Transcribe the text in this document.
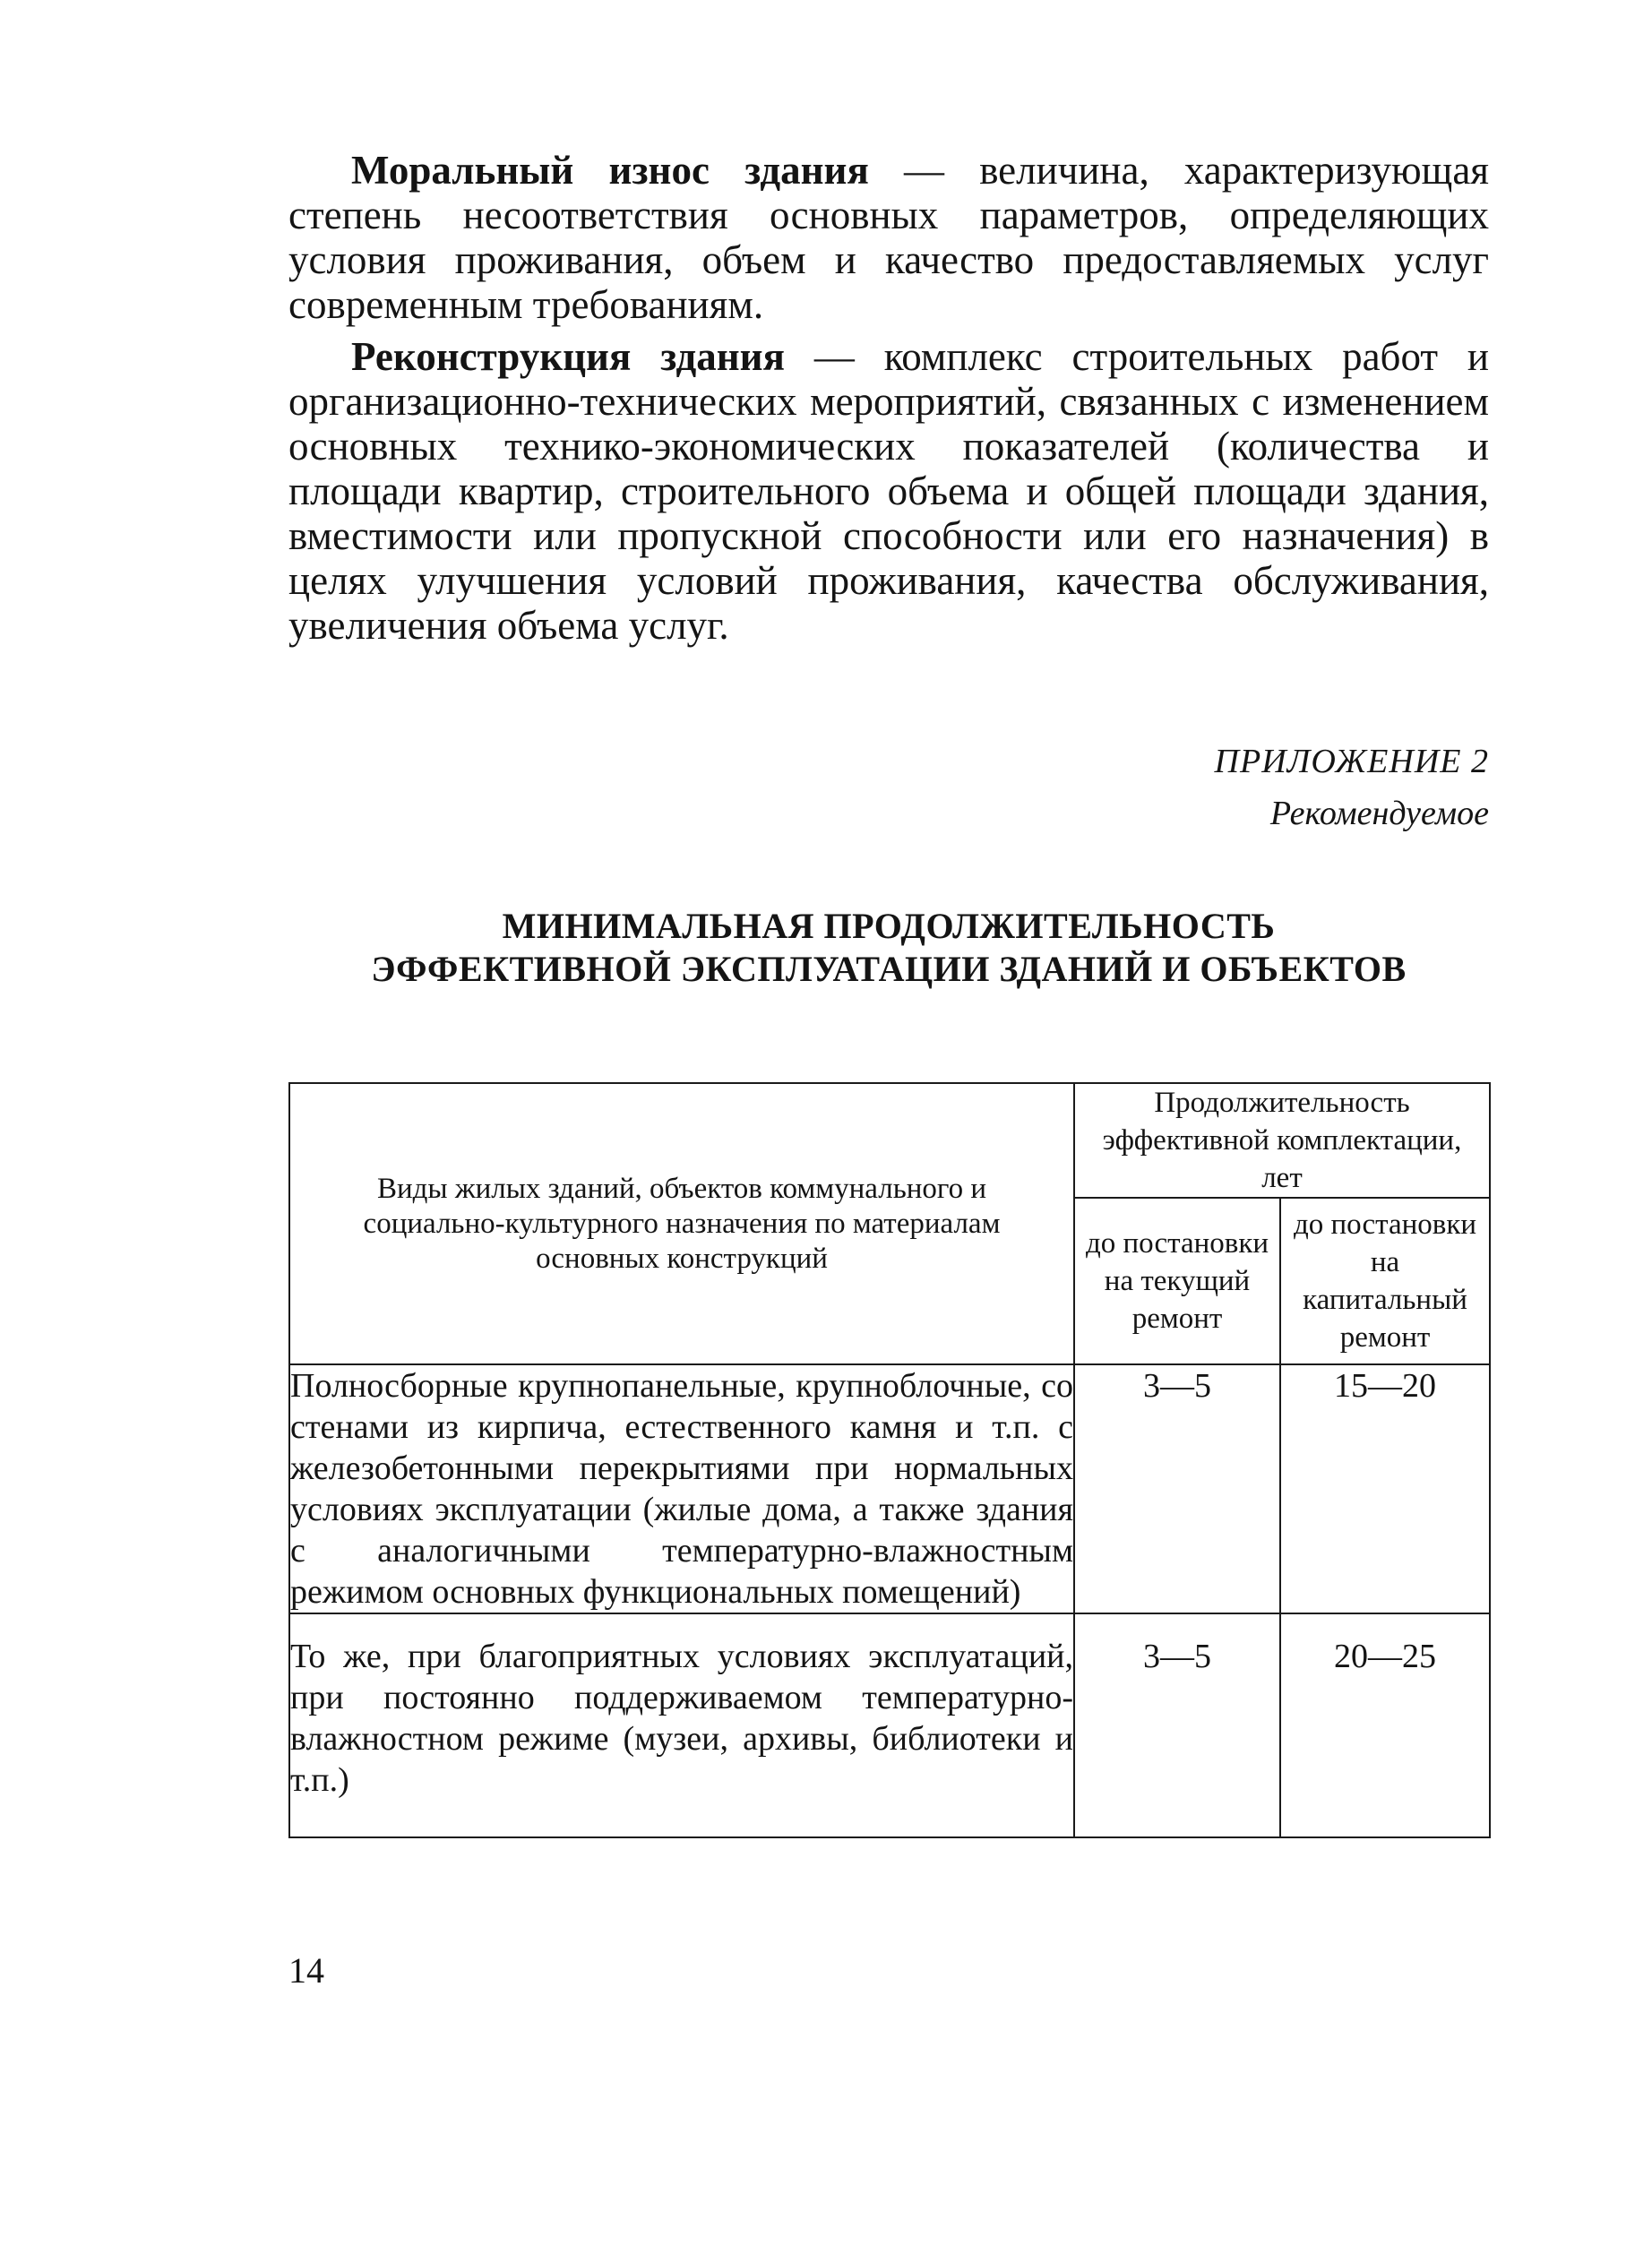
Моральный износ здания — величина, характеризующая степень несоответствия основных параметров, определяющих условия проживания, объем и качество предоставляемых услуг современным требованиям.

Реконструкция здания — комплекс строительных работ и организационно-технических мероприятий, связанных с изменением основных технико-экономических показателей (количества и площади квартир, строительного объема и общей площади здания, вместимости или пропускной способности или его назначения) в целях улучшения условий проживания, качества обслуживания, увеличения объема услуг.

ПРИЛОЖЕНИЕ 2
Рекомендуемое
МИНИМАЛЬНАЯ ПРОДОЛЖИТЕЛЬНОСТЬ
ЭФФЕКТИВНОЙ ЭКСПЛУАТАЦИИ ЗДАНИЙ И ОБЪЕКТОВ
Виды жилых зданий, объектов коммунального и социально-культурного назначения по материалам основных конструкций	Продолжительность эффективной комплектации, лет	

	до постановки на текущий ремонт	до постановки на капитальный ремонт

Полносборные крупнопанельные, крупноблочные, со стенами из кирпича, естественного камня и т.п. с железобетонными перекрытиями при нормальных условиях эксплуатации (жилые дома, а также здания с аналогичными температурно-влажностным режимом основных функциональных помещений)	3—5	15—20
То же, при благоприятных условиях эксплуатаций, при постоянно поддерживаемом температурно-влажностном режиме (музеи, архивы, библиотеки и т.п.)	3—5	20—25
14
